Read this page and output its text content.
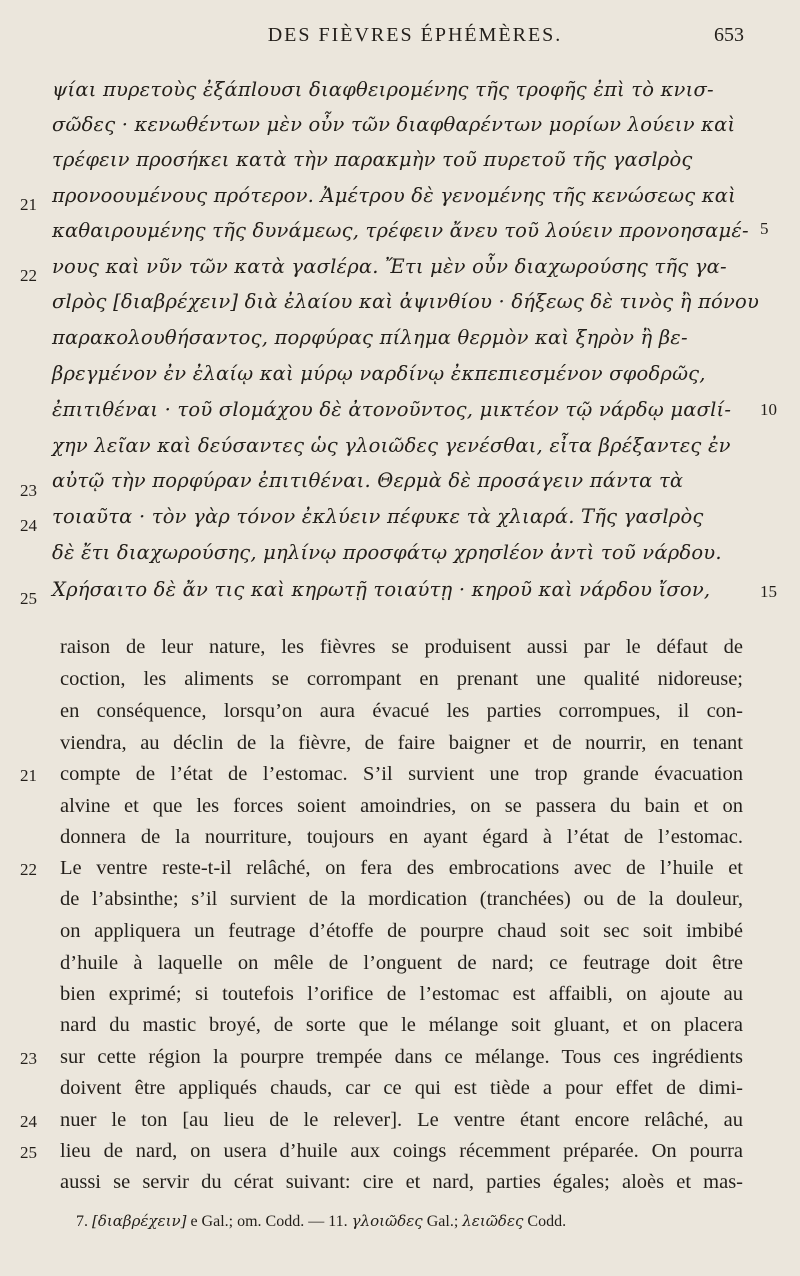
DES FIÈVRES ÉPHÉMÈRES.	653
ψίαι πυρετοὺς ἐξάπlουσι διαφθειρομένης τῆς τροφῆς ἐπὶ τὸ κνισ-
σῶδες · κενωθέντων μὲν οὖν τῶν διαφθαρέντων μορίων λούειν καὶ
τρέφειν προσήκει κατὰ τὴν παρακμὴν τοῦ πυρετοῦ τῆς γασlρὸς
προνοουμένους πρότερον. Ἀμέτρου δὲ γενομένης τῆς κενώσεως καὶ
καθαιρουμένης τῆς δυνάμεως, τρέφειν ἄνευ τοῦ λούειν προνοησαμέ-
νους καὶ νῦν τῶν κατὰ γασlέρα. Ἔτι μὲν οὖν διαχωρούσης τῆς γα-
σlρὸς [διαβρέχειν] διὰ ἐλαίου καὶ ἀψινθίου · δήξεως δὲ τινὸς ἢ πόνου
παρακολουθήσαντος, πορφύρας πίλημα θερμὸν καὶ ξηρὸν ἢ βε-
βρεγμένον ἐν ἐλαίῳ καὶ μύρῳ ναρδίνῳ ἐκπεπιεσμένον σφοδρῶς,
ἐπιτιθέναι · τοῦ σlομάχου δὲ ἀτονοῦντος, μικτέον τῷ νάρδῳ μασlί-
χην λεῖαν καὶ δεύσαντες ὡς γλοιῶδες γενέσθαι, εἶτα βρέξαντες ἐν
αὐτῷ τὴν πορφύραν ἐπιτιθέναι. Θερμὰ δὲ προσάγειν πάντα τὰ
τοιαῦτα · τὸν γὰρ τόνον ἐκλύειν πέφυκε τὰ χλιαρά. Τῆς γασlρὸς
δὲ ἔτι διαχωρούσης, μηλίνῳ προσφάτῳ χρησlέον ἀντὶ τοῦ νάρδου.
Χρήσαιτο δὲ ἄν τις καὶ κηρωτῇ τοιαύτῃ · κηροῦ καὶ νάρδου ἴσον,
21
22
23
24
25
5
10
15
raison de leur nature, les fièvres se produisent aussi par le défaut de
coction, les aliments se corrompant en prenant une qualité nidoreuse;
en conséquence, lorsqu’on aura évacué les parties corrompues, il con-
viendra, au déclin de la fièvre, de faire baigner et de nourrir, en tenant
compte de l’état de l’estomac. S’il survient une trop grande évacuation
alvine et que les forces soient amoindries, on se passera du bain et on
donnera de la nourriture, toujours en ayant égard à l’état de l’estomac.
Le ventre reste-t-il relâché, on fera des embrocations avec de l’huile et
de l’absinthe; s’il survient de la mordication (tranchées) ou de la douleur,
on appliquera un feutrage d’étoffe de pourpre chaud soit sec soit imbibé
d’huile à laquelle on mêle de l’onguent de nard; ce feutrage doit être
bien exprimé; si toutefois l’orifice de l’estomac est affaibli, on ajoute au
nard du mastic broyé, de sorte que le mélange soit gluant, et on placera
sur cette région la pourpre trempée dans ce mélange. Tous ces ingrédients
doivent être appliqués chauds, car ce qui est tiède a pour effet de dimi-
nuer le ton [au lieu de le relever]. Le ventre étant encore relâché, au
lieu de nard, on usera d’huile aux coings récemment préparée. On pourra
aussi se servir du cérat suivant: cire et nard, parties égales; aloès et mas-
21
22
23
24
25
7. [διαβρέχειν] e Gal.; om. Codd. — 11. γλοιῶδες Gal.; λειῶδες Codd.
